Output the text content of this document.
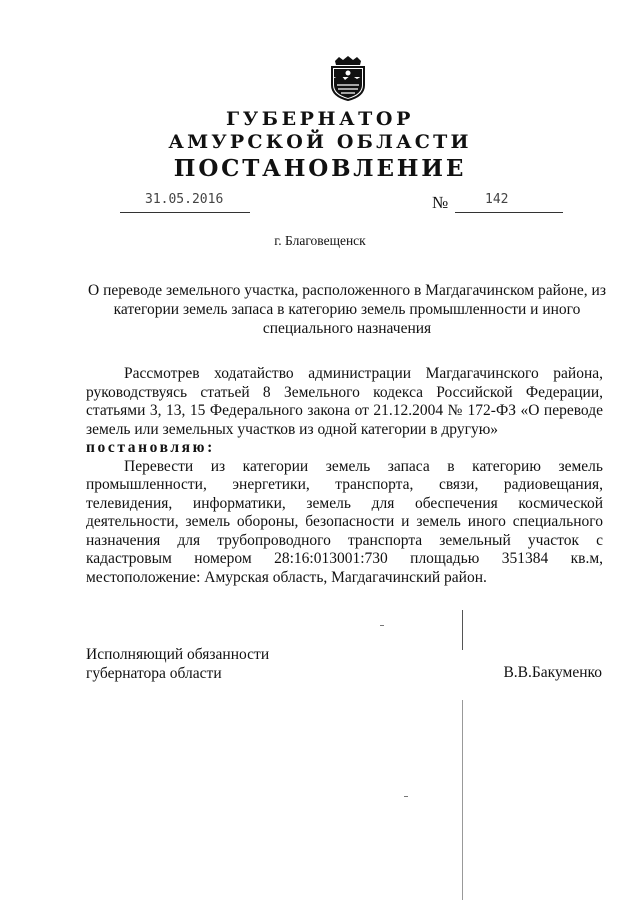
ГУБЕРНАТОР
АМУРСКОЙ ОБЛАСТИ
ПОСТАНОВЛЕНИЕ
31.05.2016	№	142
г. Благовещенск
О переводе земельного участка, расположенного в Магдагачинском районе, из
категории земель запаса в категорию земель промышленности и иного
специального назначения

Рассмотрев ходатайство администрации Магдагачинского района, руководствуясь статьей 8 Земельного кодекса Российской Федерации, статьями 3, 13, 15 Федерального закона от 21.12.2004 № 172-ФЗ «О переводе земель или земельных участков из одной категории в другую»

постановляю:

Перевести из категории земель запаса в категорию земель промышленности, энергетики, транспорта, связи, радиовещания, телевидения, информатики, земель для обеспечения космической деятельности, земель обороны, безопасности и земель иного специального назначения для трубопроводного транспорта земельный участок с кадастровым номером 28:16:013001:730 площадью 351384 кв.м, местоположение: Амурская область, Магдагачинский район.

Исполняющий обязанности
губернатора области	В.В.Бакуменко
